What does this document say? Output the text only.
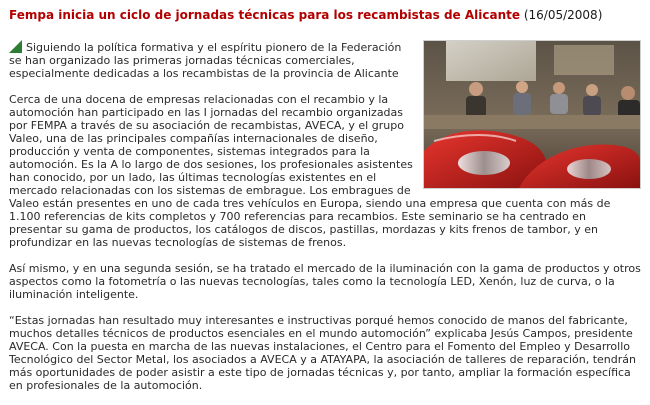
Fempa inicia un ciclo de jornadas técnicas para los recambistas de Alicante (16/05/2008)
Siguiendo la política formativa y el espíritu pionero de la Federación se han organizado las primeras jornadas técnicas comerciales, especialmente dedicadas a los recambistas de la provincia de Alicante

Cerca de una docena de empresas relacionadas con el recambio y la automoción han participado en las I jornadas del recambio organizadas por FEMPA a través de su asociación de recambistas, AVECA, y el grupo Valeo, una de las principales compañías internacionales de diseño, producción y venta de componentes, sistemas integrados para la automoción. Es la A lo largo de dos sesiones, los profesionales asistentes han conocido, por un lado, las últimas tecnologías existentes en el mercado relacionadas con los sistemas de embrague. Los embragues de Valeo están presentes en uno de cada tres vehículos en Europa, siendo una empresa que cuenta con más de 1.100 referencias de kits completos y 700 referencias para recambios. Este seminario se ha centrado en presentar su gama de productos, los catálogos de discos, pastillas, mordazas y kits frenos de tambor, y en profundizar en las nuevas tecnologías de sistemas de frenos.

Así mismo, y en una segunda sesión, se ha tratado el mercado de la iluminación con la gama de productos y otros aspectos como la fotometría o las nuevas tecnologías, tales como la tecnología LED, Xenón, luz de curva, o la iluminación inteligente.

“Estas jornadas han resultado muy interesantes e instructivas porqué hemos conocido de manos del fabricante, muchos detalles técnicos de productos esenciales en el mundo automoción” explicaba Jesús Campos, presidente AVECA. Con la puesta en marcha de las nuevas instalaciones, el Centro para el Fomento del Empleo y Desarrollo Tecnológico del Sector Metal, los asociados a AVECA y a ATAYAPA, la asociación de talleres de reparación, tendrán más oportunidades de poder asistir a este tipo de jornadas técnicas y, por tanto, ampliar la formación específica en profesionales de la automoción.
